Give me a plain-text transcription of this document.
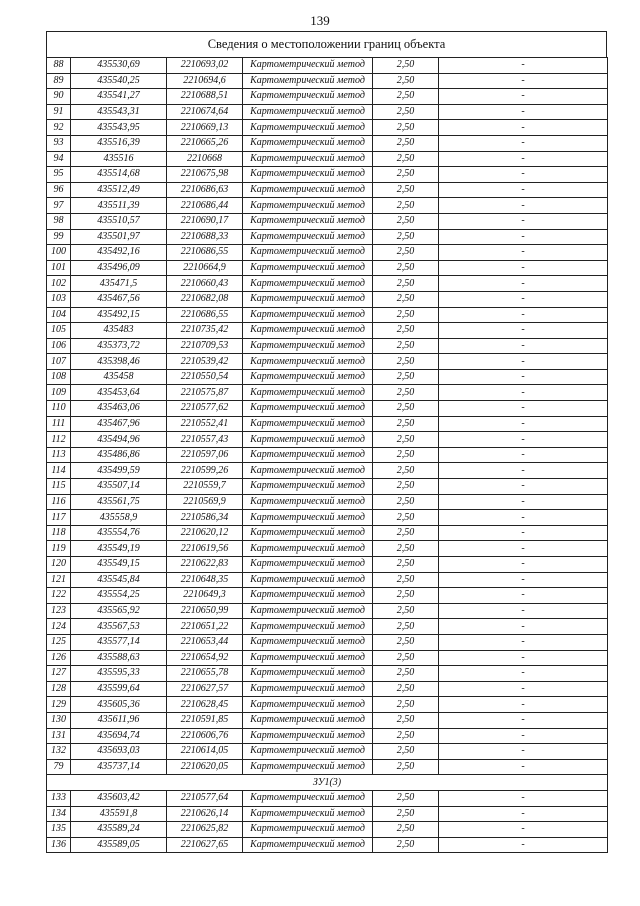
139
Сведения о местоположении границ объекта
88	435530,69	2210693,02	Картометрический метод	2,50	-
89	435540,25	2210694,6	Картометрический метод	2,50	-
90	435541,27	2210688,51	Картометрический метод	2,50	-
91	435543,31	2210674,64	Картометрический метод	2,50	-
92	435543,95	2210669,13	Картометрический метод	2,50	-
93	435516,39	2210665,26	Картометрический метод	2,50	-
94	435516	2210668	Картометрический метод	2,50	-
95	435514,68	2210675,98	Картометрический метод	2,50	-
96	435512,49	2210686,63	Картометрический метод	2,50	-
97	435511,39	2210686,44	Картометрический метод	2,50	-
98	435510,57	2210690,17	Картометрический метод	2,50	-
99	435501,97	2210688,33	Картометрический метод	2,50	-
100	435492,16	2210686,55	Картометрический метод	2,50	-
101	435496,09	2210664,9	Картометрический метод	2,50	-
102	435471,5	2210660,43	Картометрический метод	2,50	-
103	435467,56	2210682,08	Картометрический метод	2,50	-
104	435492,15	2210686,55	Картометрический метод	2,50	-
105	435483	2210735,42	Картометрический метод	2,50	-
106	435373,72	2210709,53	Картометрический метод	2,50	-
107	435398,46	2210539,42	Картометрический метод	2,50	-
108	435458	2210550,54	Картометрический метод	2,50	-
109	435453,64	2210575,87	Картометрический метод	2,50	-
110	435463,06	2210577,62	Картометрический метод	2,50	-
111	435467,96	2210552,41	Картометрический метод	2,50	-
112	435494,96	2210557,43	Картометрический метод	2,50	-
113	435486,86	2210597,06	Картометрический метод	2,50	-
114	435499,59	2210599,26	Картометрический метод	2,50	-
115	435507,14	2210559,7	Картометрический метод	2,50	-
116	435561,75	2210569,9	Картометрический метод	2,50	-
117	435558,9	2210586,34	Картометрический метод	2,50	-
118	435554,76	2210620,12	Картометрический метод	2,50	-
119	435549,19	2210619,56	Картометрический метод	2,50	-
120	435549,15	2210622,83	Картометрический метод	2,50	-
121	435545,84	2210648,35	Картометрический метод	2,50	-
122	435554,25	2210649,3	Картометрический метод	2,50	-
123	435565,92	2210650,99	Картометрический метод	2,50	-
124	435567,53	2210651,22	Картометрический метод	2,50	-
125	435577,14	2210653,44	Картометрический метод	2,50	-
126	435588,63	2210654,92	Картометрический метод	2,50	-
127	435595,33	2210655,78	Картометрический метод	2,50	-
128	435599,64	2210627,57	Картометрический метод	2,50	-
129	435605,36	2210628,45	Картометрический метод	2,50	-
130	435611,96	2210591,85	Картометрический метод	2,50	-
131	435694,74	2210606,76	Картометрический метод	2,50	-
132	435693,03	2210614,05	Картометрический метод	2,50	-
79	435737,14	2210620,05	Картометрический метод	2,50	-
ЗУ1(3)					
133	435603,42	2210577,64	Картометрический метод	2,50	-
134	435591,8	2210626,14	Картометрический метод	2,50	-
135	435589,24	2210625,82	Картометрический метод	2,50	-
136	435589,05	2210627,65	Картометрический метод	2,50	-
